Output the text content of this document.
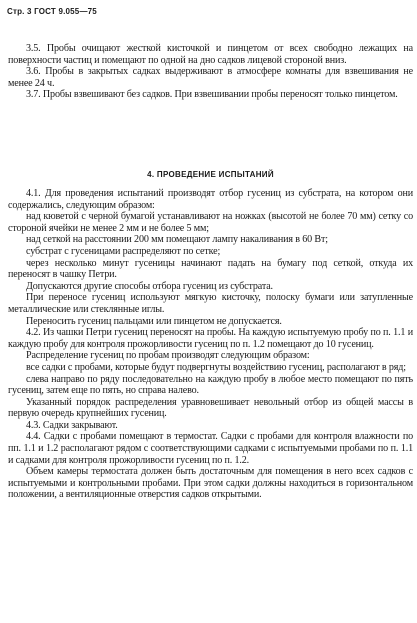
Стр. 3 ГОСТ 9.055—75

3.5. Пробы очищают жесткой кисточкой и пинцетом от всех свободно лежащих на поверхности частиц и помещают по одной на дно садков лицевой стороной вниз.

3.6. Пробы в закрытых садках выдерживают в атмосфере комнаты для взвешивания не менее 24 ч.

3.7. Пробы взвешивают без садков. При взвешивании пробы переносят только пинцетом.

4. ПРОВЕДЕНИЕ ИСПЫТАНИЙ

4.1. Для проведения испытаний производят отбор гусениц из субстрата, на котором они содержались, следующим образом:

над кюветой с черной бумагой устанавливают на ножках (высотой не более 70 мм) сетку со стороной ячейки не менее 2 мм и не более 5 мм;

над сеткой на расстоянии 200 мм помещают лампу накаливания в 60 Вт;

субстрат с гусеницами распределяют по сетке;

через несколько минут гусеницы начинают падать на бумагу под сеткой, откуда их переносят в чашку Петри.

Допускаются другие способы отбора гусениц из субстрата.

При переносе гусениц используют мягкую кисточку, полоску бумаги или затупленные металлические или стеклянные иглы.

Переносить гусениц пальцами или пинцетом не допускается.

4.2. Из чашки Петри гусениц переносят на пробы. На каждую испытуемую пробу по п. 1.1 и каждую пробу для контроля прожорливости гусениц по п. 1.2 помещают до 10 гусениц.

Распределение гусениц по пробам производят следующим образом:

все садки с пробами, которые будут подвергнуты воздействию гусениц, располагают в ряд;

слева направо по ряду последовательно на каждую пробу в любое место помещают по пять гусениц, затем еще по пять, но справа налево.

Указанный порядок распределения уравновешивает невольный отбор из общей массы в первую очередь крупнейших гусениц.

4.3. Садки закрывают.

4.4. Садки с пробами помещают в термостат. Садки с пробами для контроля влажности по пп. 1.1 и 1.2 располагают рядом с соответствующими садками с испытуемыми пробами по п. 1.1 и садками для контроля прожорливости гусениц по п. 1.2.

Объем камеры термостата должен быть достаточным для помещения в него всех садков с испытуемыми и контрольными пробами. При этом садки должны находиться в горизонтальном положении, а вентиляционные отверстия садков открытыми.
